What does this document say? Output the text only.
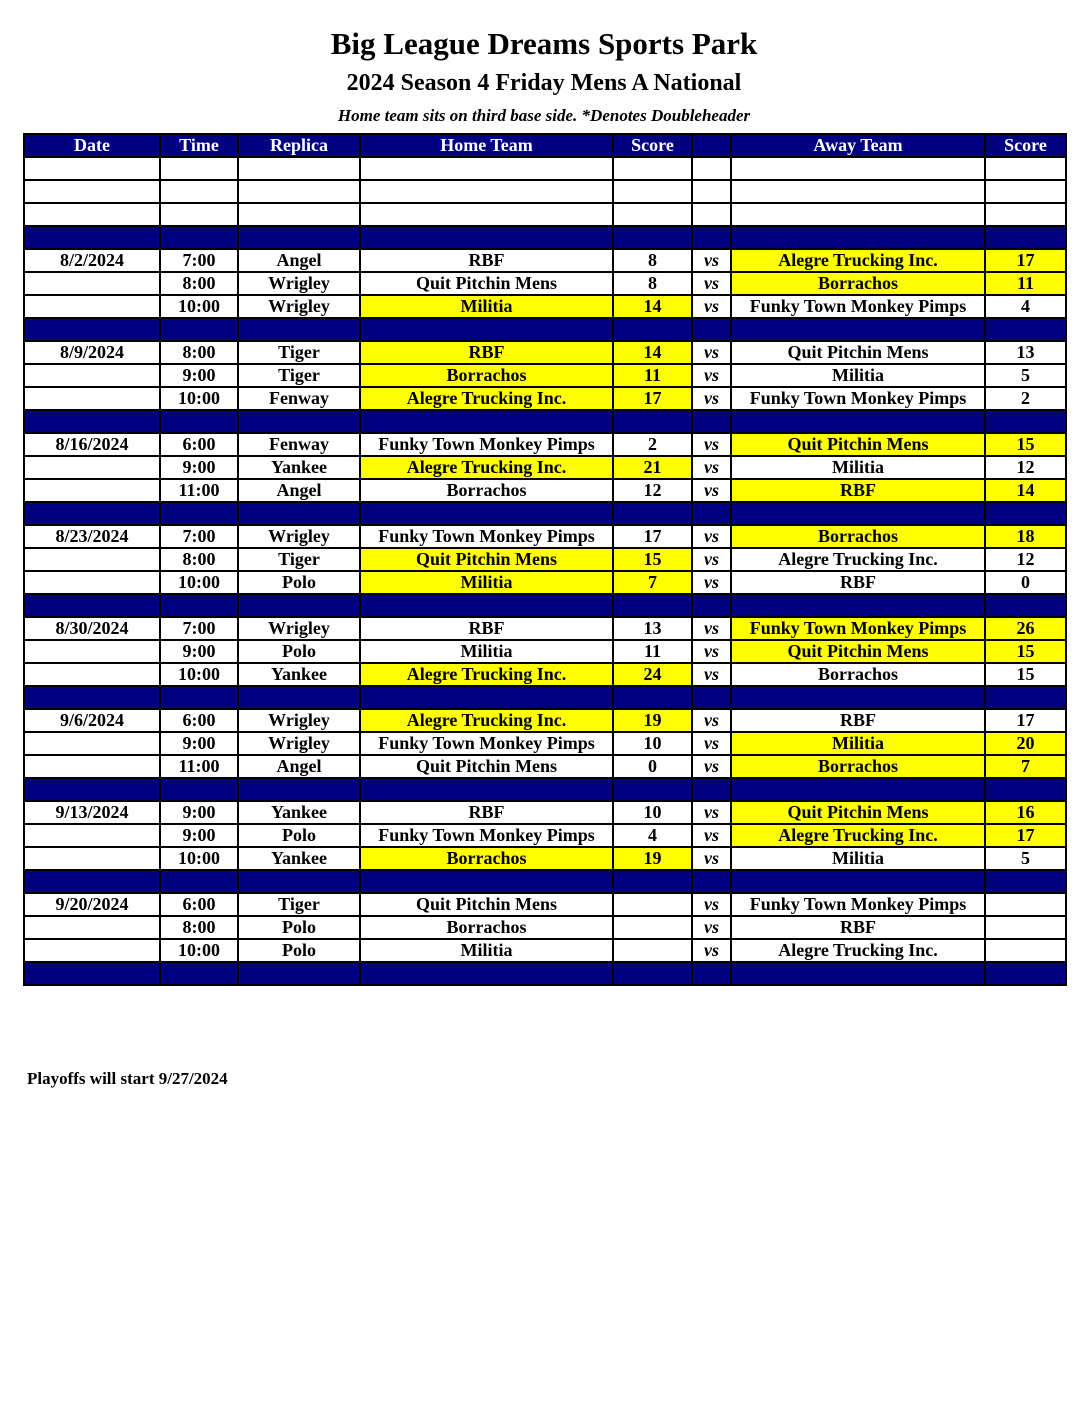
Big League Dreams Sports Park
2024 Season 4 Friday Mens A National
Home team sits on third base side. *Denotes Doubleheader
Date	Time	Replica	Home Team	Score		Away Team	Score

8/2/2024	7:00	Angel	RBF	8	vs	Alegre Trucking Inc.	17
	8:00	Wrigley	Quit Pitchin Mens	8	vs	Borrachos	11
	10:00	Wrigley	Militia	14	vs	Funky Town Monkey Pimps	4

8/9/2024	8:00	Tiger	RBF	14	vs	Quit Pitchin Mens	13
	9:00	Tiger	Borrachos	11	vs	Militia	5
	10:00	Fenway	Alegre Trucking Inc.	17	vs	Funky Town Monkey Pimps	2

8/16/2024	6:00	Fenway	Funky Town Monkey Pimps	2	vs	Quit Pitchin Mens	15
	9:00	Yankee	Alegre Trucking Inc.	21	vs	Militia	12
	11:00	Angel	Borrachos	12	vs	RBF	14

8/23/2024	7:00	Wrigley	Funky Town Monkey Pimps	17	vs	Borrachos	18
	8:00	Tiger	Quit Pitchin Mens	15	vs	Alegre Trucking Inc.	12
	10:00	Polo	Militia	7	vs	RBF	0

8/30/2024	7:00	Wrigley	RBF	13	vs	Funky Town Monkey Pimps	26
	9:00	Polo	Militia	11	vs	Quit Pitchin Mens	15
	10:00	Yankee	Alegre Trucking Inc.	24	vs	Borrachos	15

9/6/2024	6:00	Wrigley	Alegre Trucking Inc.	19	vs	RBF	17
	9:00	Wrigley	Funky Town Monkey Pimps	10	vs	Militia	20
	11:00	Angel	Quit Pitchin Mens	0	vs	Borrachos	7

9/13/2024	9:00	Yankee	RBF	10	vs	Quit Pitchin Mens	16
	9:00	Polo	Funky Town Monkey Pimps	4	vs	Alegre Trucking Inc.	17
	10:00	Yankee	Borrachos	19	vs	Militia	5

9/20/2024	6:00	Tiger	Quit Pitchin Mens		vs	Funky Town Monkey Pimps	
	8:00	Polo	Borrachos		vs	RBF	
	10:00	Polo	Militia		vs	Alegre Trucking Inc.	

Playoffs will start 9/27/2024
